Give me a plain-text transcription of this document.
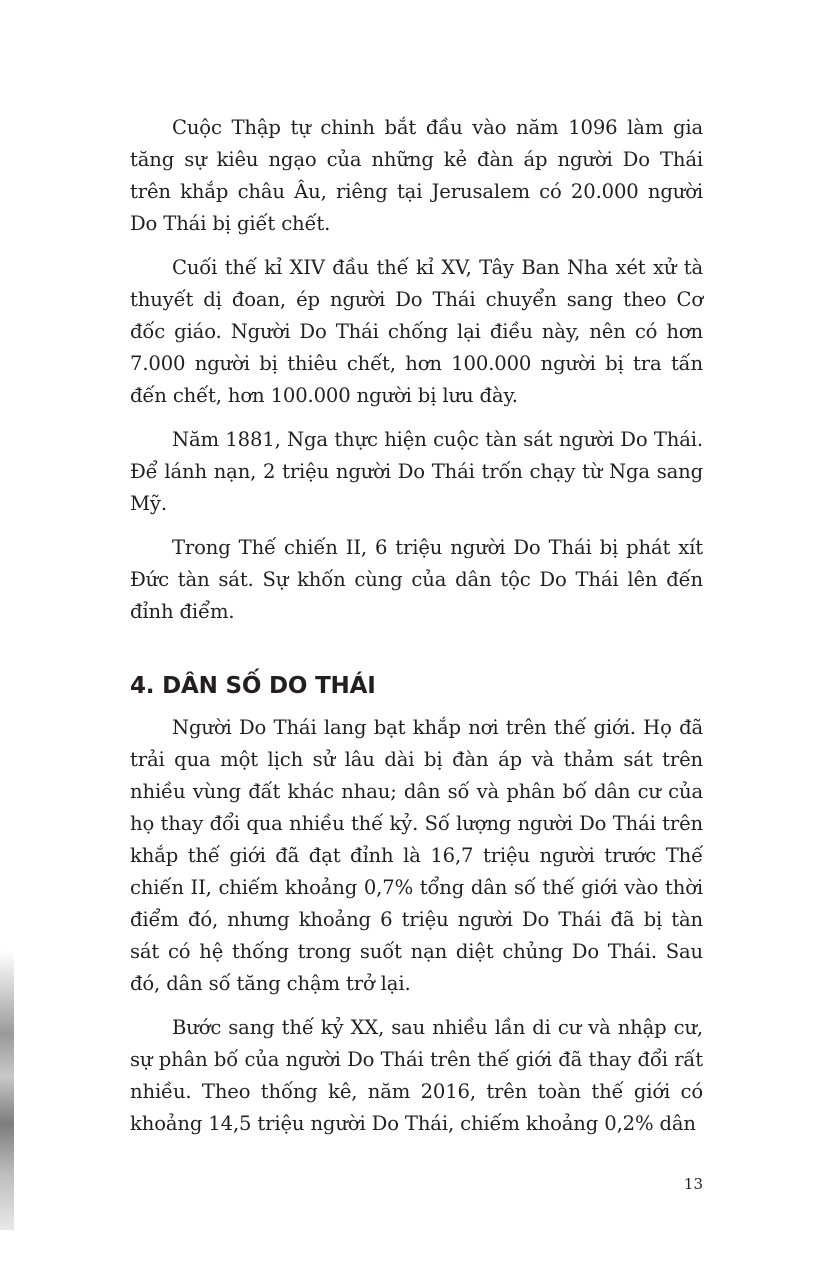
Cuộc Thập tự chinh bắt đầu vào năm 1096 làm gia tăng sự kiêu ngạo của những kẻ đàn áp người Do Thái trên khắp châu Âu, riêng tại Jerusalem có 20.000 người Do Thái bị giết chết.

Cuối thế kỉ XIV đầu thế kỉ XV, Tây Ban Nha xét xử tà thuyết dị đoan, ép người Do Thái chuyển sang theo Cơ đốc giáo. Người Do Thái chống lại điều này, nên có hơn 7.000 người bị thiêu chết, hơn 100.000 người bị tra tấn đến chết, hơn 100.000 người bị lưu đày.

Năm 1881, Nga thực hiện cuộc tàn sát người Do Thái. Để lánh nạn, 2 triệu người Do Thái trốn chạy từ Nga sang Mỹ.

Trong Thế chiến II, 6 triệu người Do Thái bị phát xít Đức tàn sát. Sự khốn cùng của dân tộc Do Thái lên đến đỉnh điểm.

4. DÂN SỐ DO THÁI

Người Do Thái lang bạt khắp nơi trên thế giới. Họ đã trải qua một lịch sử lâu dài bị đàn áp và thảm sát trên nhiều vùng đất khác nhau; dân số và phân bố dân cư của họ thay đổi qua nhiều thế kỷ. Số lượng người Do Thái trên khắp thế giới đã đạt đỉnh là 16,7 triệu người trước Thế chiến II, chiếm khoảng 0,7% tổng dân số thế giới vào thời điểm đó, nhưng khoảng 6 triệu người Do Thái đã bị tàn sát có hệ thống trong suốt nạn diệt chủng Do Thái. Sau đó, dân số tăng chậm trở lại.

Bước sang thế kỷ XX, sau nhiều lần di cư và nhập cư, sự phân bố của người Do Thái trên thế giới đã thay đổi rất nhiều. Theo thống kê, năm 2016, trên toàn thế giới có khoảng 14,5 triệu người Do Thái, chiếm khoảng 0,2% dân

13
